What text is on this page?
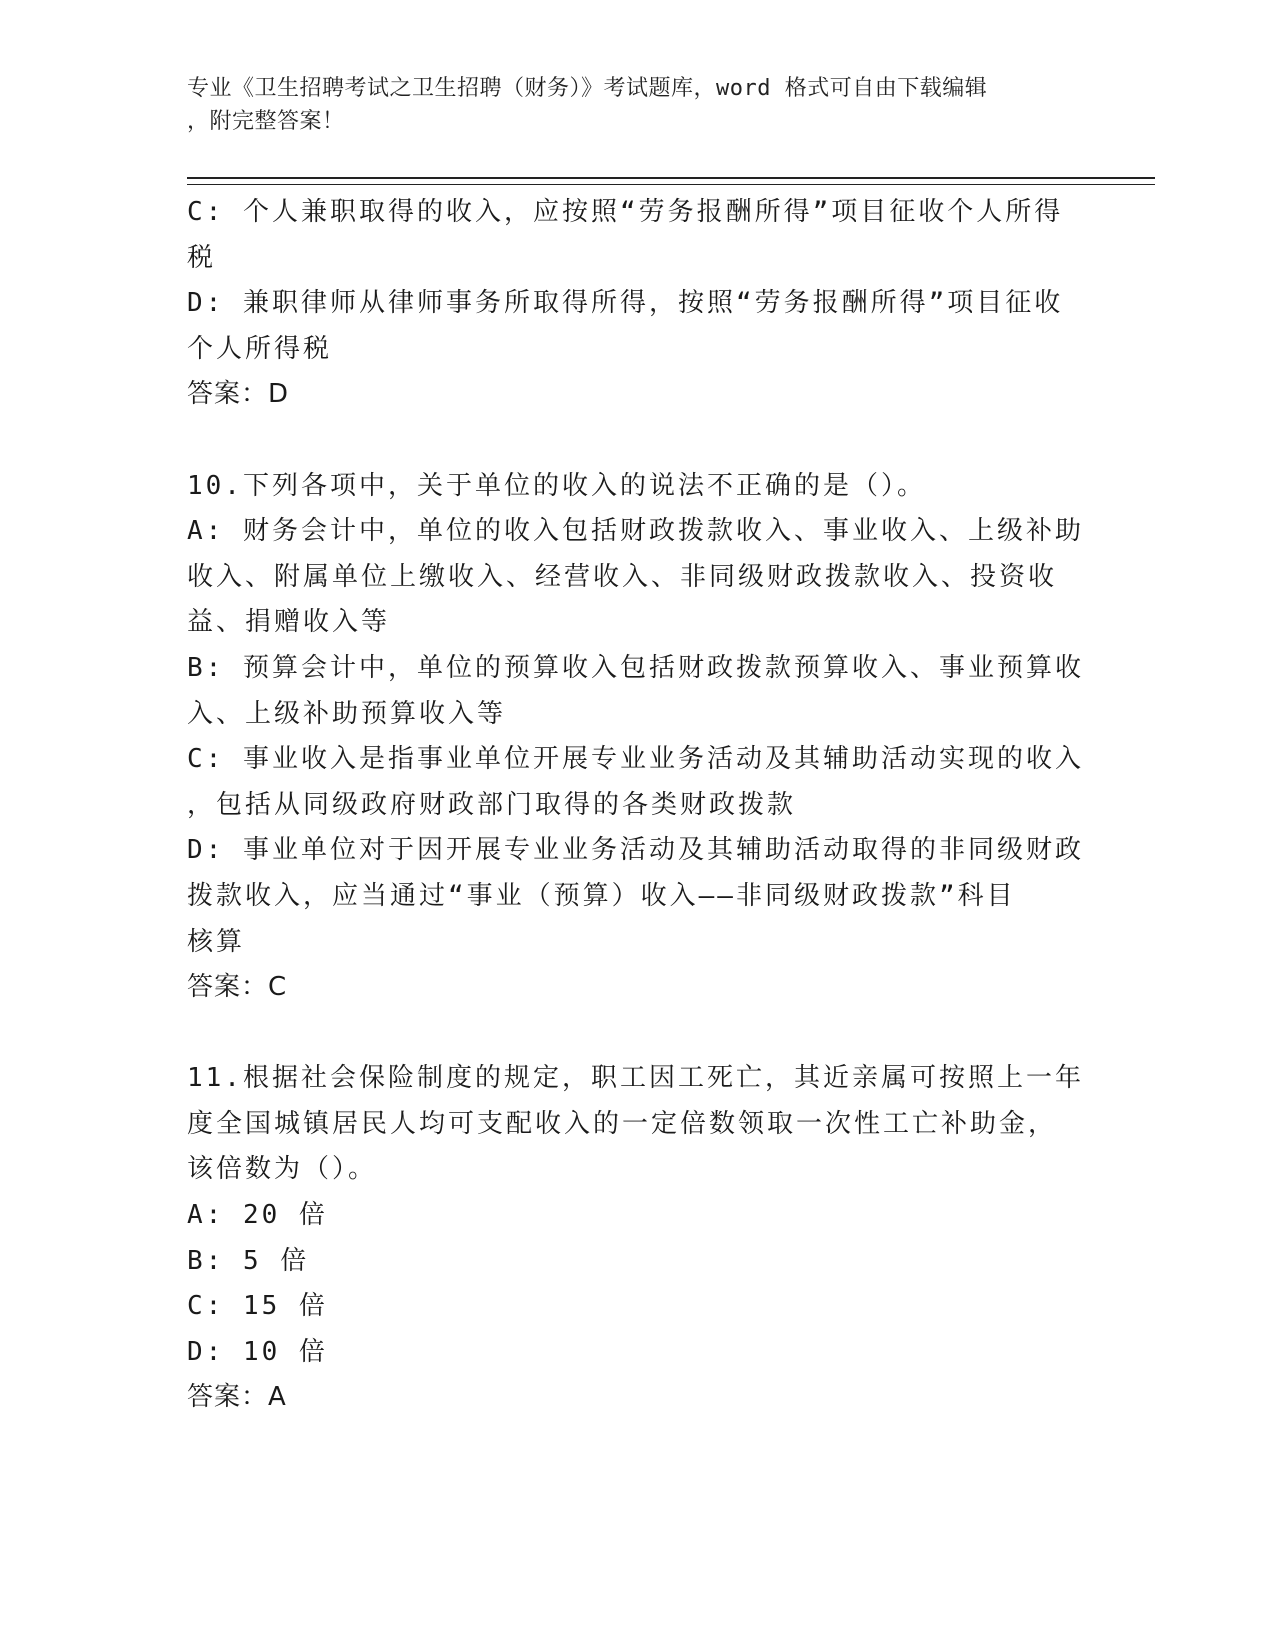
专业《卫生招聘考试之卫生招聘（财务）》考试题库，word 格式可自由下载编辑
，附完整答案！
C: 个人兼职取得的收入，应按照“劳务报酬所得”项目征收个人所得
税
D: 兼职律师从律师事务所取得所得，按照“劳务报酬所得”项目征收
个人所得税
答案：D
10.下列各项中，关于单位的收入的说法不正确的是（）。
A: 财务会计中，单位的收入包括财政拨款收入、事业收入、上级补助
收入、附属单位上缴收入、经营收入、非同级财政拨款收入、投资收
益、捐赠收入等
B: 预算会计中，单位的预算收入包括财政拨款预算收入、事业预算收
入、上级补助预算收入等
C: 事业收入是指事业单位开展专业业务活动及其辅助活动实现的收入
，包括从同级政府财政部门取得的各类财政拨款
D: 事业单位对于因开展专业业务活动及其辅助活动取得的非同级财政
拨款收入，应当通过“事业（预算）收入——非同级财政拨款”科目
核算
答案：C
11.根据社会保险制度的规定，职工因工死亡，其近亲属可按照上一年
度全国城镇居民人均可支配收入的一定倍数领取一次性工亡补助金，
该倍数为（）。
A: 20 倍
B: 5 倍
C: 15 倍
D: 10 倍
答案：A
